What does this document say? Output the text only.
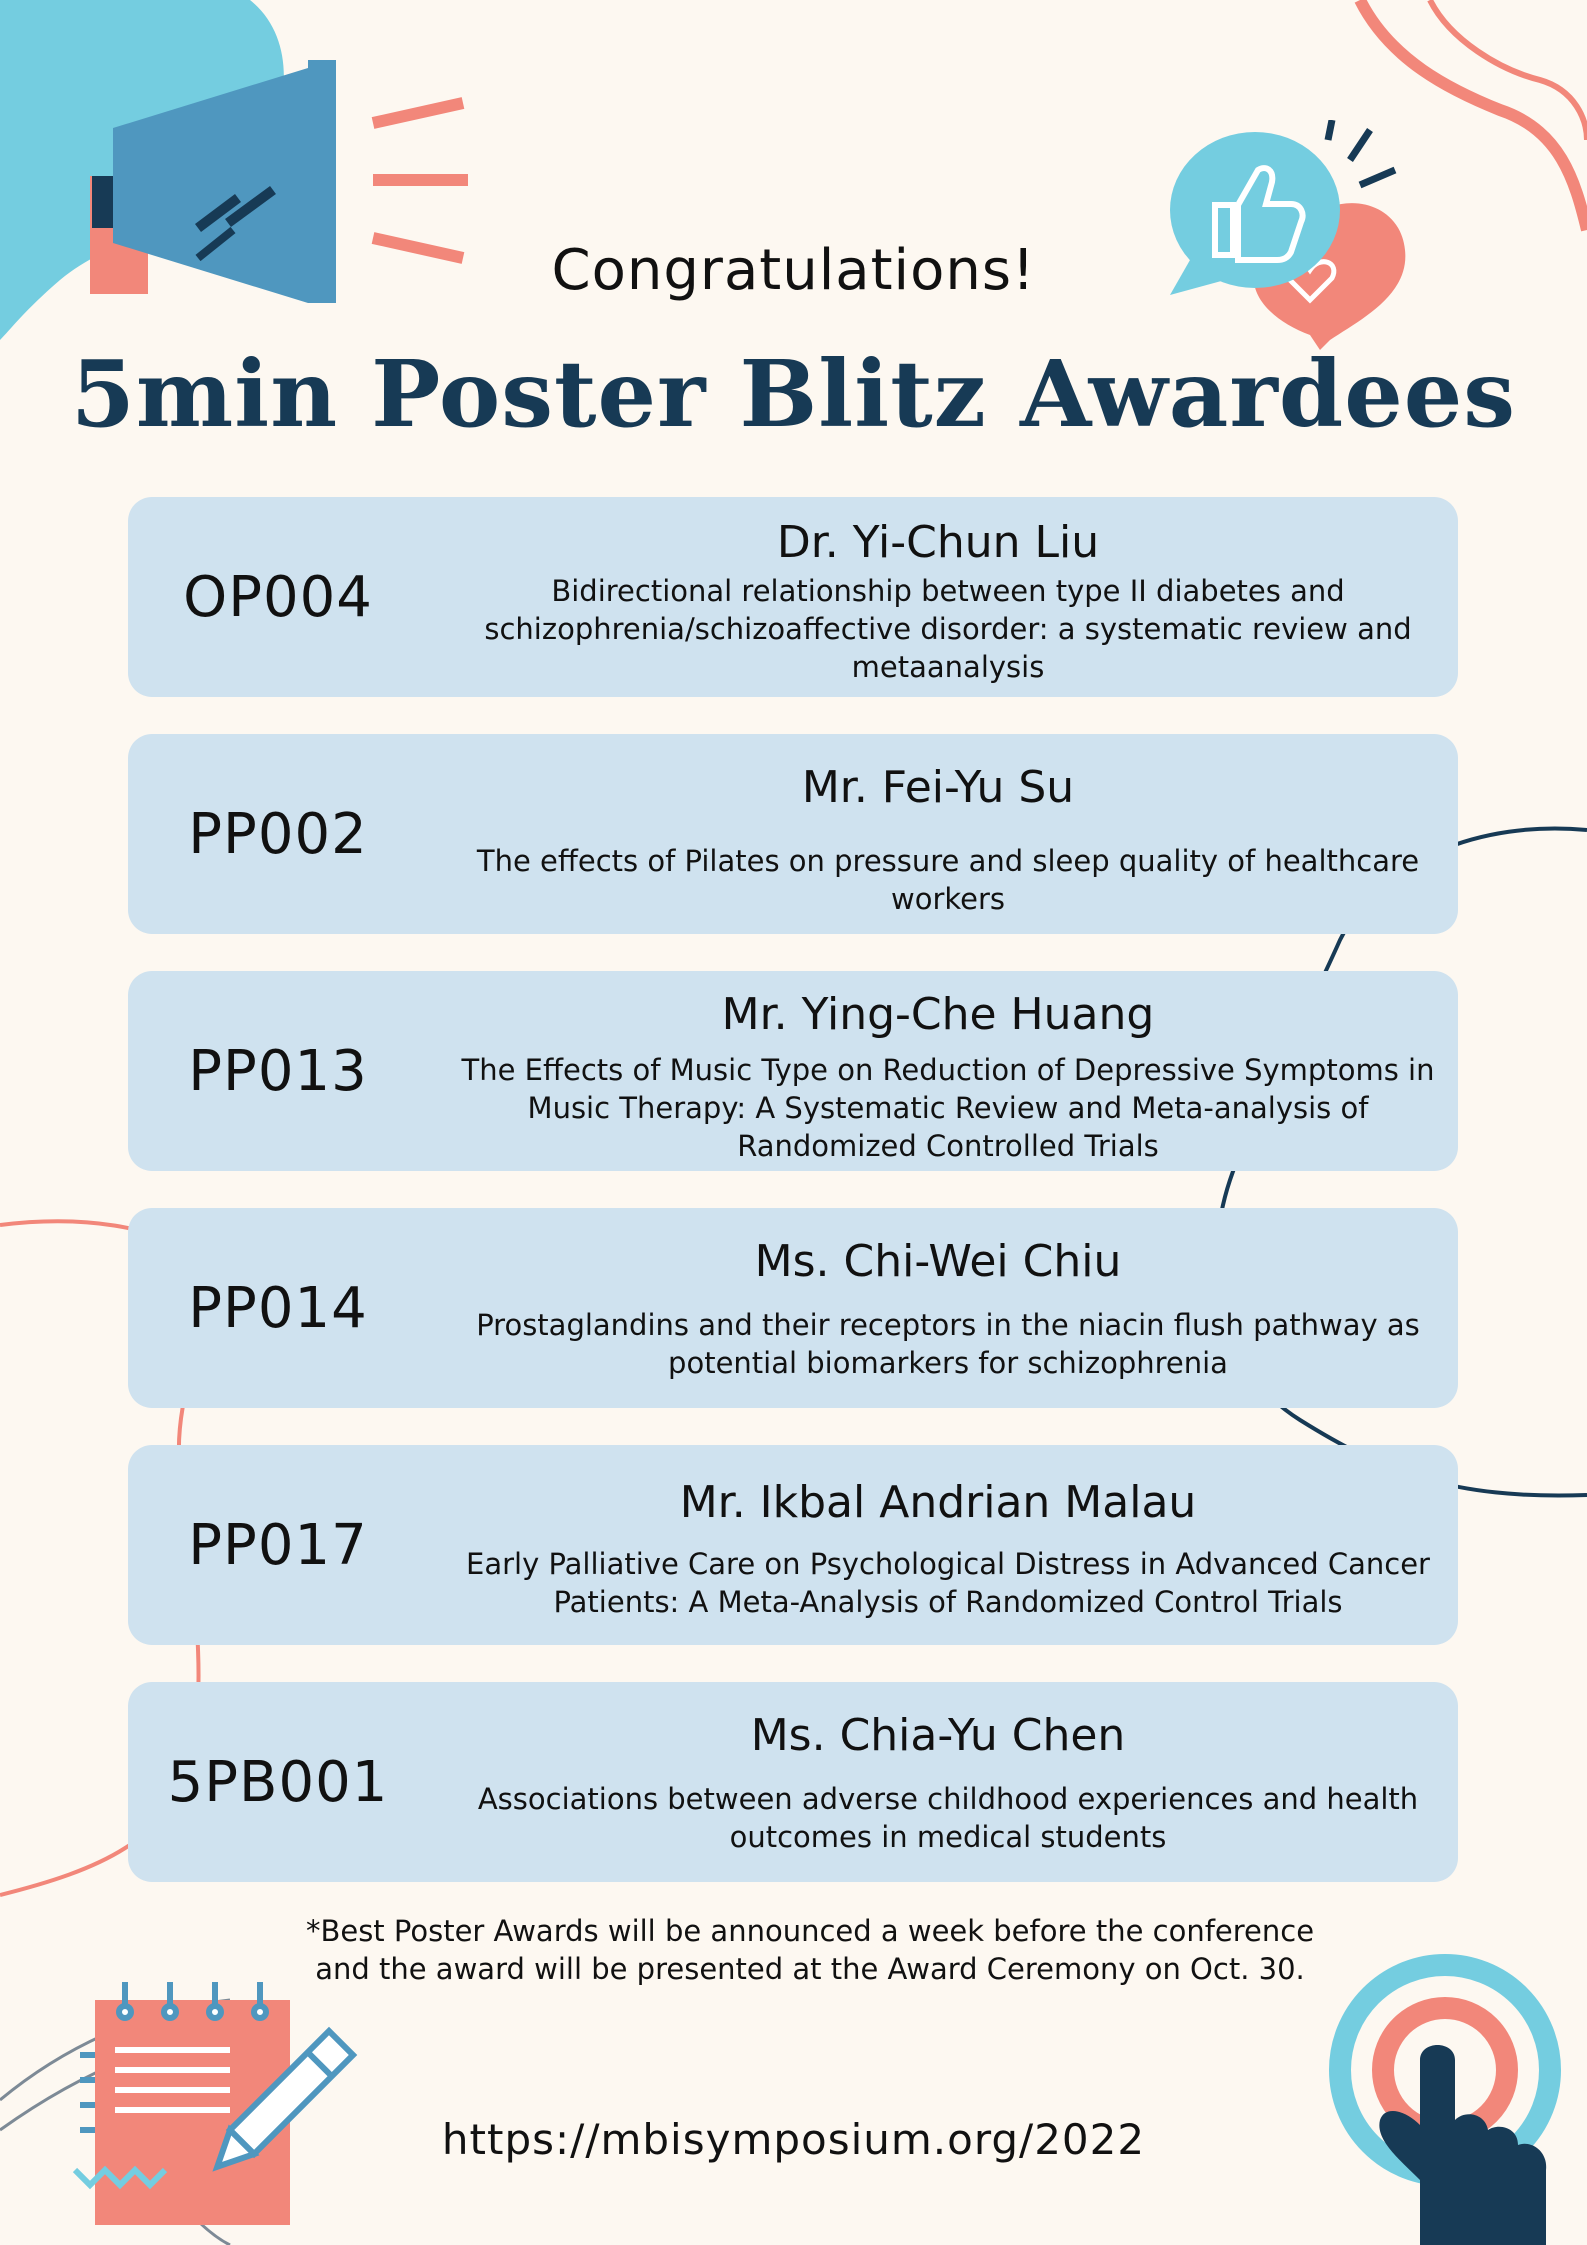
Congratulations!
5min Poster Blitz Awardees
OP004
Dr. Yi-Chun Liu
Bidirectional relationship between type II diabetes and schizophrenia/schizoaffective disorder: a systematic review and metaanalysis
PP002
Mr. Fei-Yu Su
The effects of Pilates on pressure and sleep quality of healthcare workers
PP013
Mr. Ying-Che Huang
The Effects of Music Type on Reduction of Depressive Symptoms in Music Therapy: A Systematic Review and Meta-analysis of Randomized Controlled Trials
PP014
Ms. Chi-Wei Chiu
Prostaglandins and their receptors in the niacin flush pathway as potential biomarkers for schizophrenia
PP017
Mr. Ikbal Andrian Malau
Early Palliative Care on Psychological Distress in Advanced Cancer Patients: A Meta-Analysis of Randomized Control Trials
5PB001
Ms. Chia-Yu Chen
Associations between adverse childhood experiences and health outcomes in medical students
*Best Poster Awards will be announced a week before the conference and the award will be presented at the Award Ceremony on Oct. 30.
https://mbisymposium.org/2022
